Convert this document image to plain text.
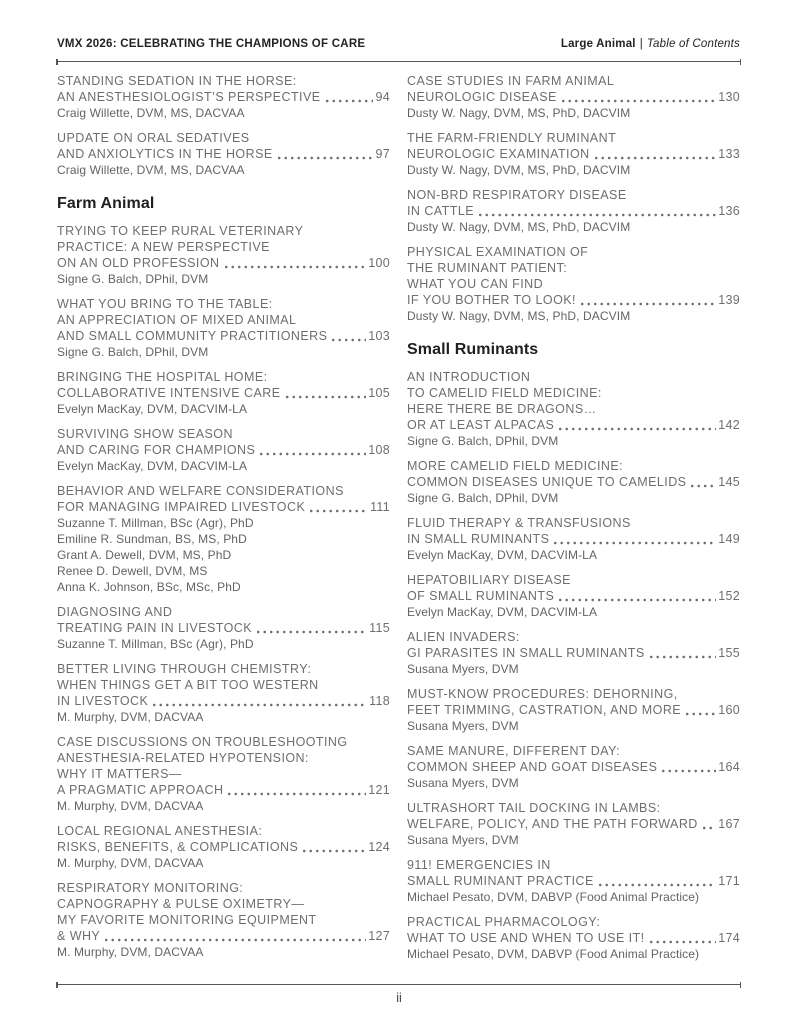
VMX 2026: CELEBRATING THE CHAMPIONS OF CARE	Large Animal | Table of Contents
STANDING SEDATION IN THE HORSE:
AN ANESTHESIOLOGIST’S PERSPECTIVE	94
Craig Willette, DVM, MS, DACVAA
UPDATE ON ORAL SEDATIVES
AND ANXIOLYTICS IN THE HORSE	97
Craig Willette, DVM, MS, DACVAA
Farm Animal
TRYING TO KEEP RURAL VETERINARY
PRACTICE: A NEW PERSPECTIVE
ON AN OLD PROFESSION	100
Signe G. Balch, DPhil, DVM
WHAT YOU BRING TO THE TABLE:
AN APPRECIATION OF MIXED ANIMAL
AND SMALL COMMUNITY PRACTITIONERS	103
Signe G. Balch, DPhil, DVM
BRINGING THE HOSPITAL HOME:
COLLABORATIVE INTENSIVE CARE	105
Evelyn MacKay, DVM, DACVIM-LA
SURVIVING SHOW SEASON
AND CARING FOR CHAMPIONS	108
Evelyn MacKay, DVM, DACVIM-LA
BEHAVIOR AND WELFARE CONSIDERATIONS
FOR MANAGING IMPAIRED LIVESTOCK	111
Suzanne T. Millman, BSc (Agr), PhD
Emiline R. Sundman, BS, MS, PhD
Grant A. Dewell, DVM, MS, PhD
Renee D. Dewell, DVM, MS
Anna K. Johnson, BSc, MSc, PhD
DIAGNOSING AND
TREATING PAIN IN LIVESTOCK	115
Suzanne T. Millman, BSc (Agr), PhD
BETTER LIVING THROUGH CHEMISTRY:
WHEN THINGS GET A BIT TOO WESTERN
IN LIVESTOCK	118
M. Murphy, DVM, DACVAA
CASE DISCUSSIONS ON TROUBLESHOOTING
ANESTHESIA-RELATED HYPOTENSION:
WHY IT MATTERS—
A PRAGMATIC APPROACH	121
M. Murphy, DVM, DACVAA
LOCAL REGIONAL ANESTHESIA:
RISKS, BENEFITS, & COMPLICATIONS	124
M. Murphy, DVM, DACVAA
RESPIRATORY MONITORING:
CAPNOGRAPHY & PULSE OXIMETRY—
MY FAVORITE MONITORING EQUIPMENT
& WHY	127
M. Murphy, DVM, DACVAA
CASE STUDIES IN FARM ANIMAL
NEUROLOGIC DISEASE	130
Dusty W. Nagy, DVM, MS, PhD, DACVIM
THE FARM-FRIENDLY RUMINANT
NEUROLOGIC EXAMINATION	133
Dusty W. Nagy, DVM, MS, PhD, DACVIM
NON-BRD RESPIRATORY DISEASE
IN CATTLE	136
Dusty W. Nagy, DVM, MS, PhD, DACVIM
PHYSICAL EXAMINATION OF
THE RUMINANT PATIENT:
WHAT YOU CAN FIND
IF YOU BOTHER TO LOOK!	139
Dusty W. Nagy, DVM, MS, PhD, DACVIM
Small Ruminants
AN INTRODUCTION
TO CAMELID FIELD MEDICINE:
HERE THERE BE DRAGONS…
OR AT LEAST ALPACAS	142
Signe G. Balch, DPhil, DVM
MORE CAMELID FIELD MEDICINE:
COMMON DISEASES UNIQUE TO CAMELIDS	145
Signe G. Balch, DPhil, DVM
FLUID THERAPY & TRANSFUSIONS
IN SMALL RUMINANTS	149
Evelyn MacKay, DVM, DACVIM-LA
HEPATOBILIARY DISEASE
OF SMALL RUMINANTS	152
Evelyn MacKay, DVM, DACVIM-LA
ALIEN INVADERS:
GI PARASITES IN SMALL RUMINANTS	155
Susana Myers, DVM
MUST-KNOW PROCEDURES: DEHORNING,
FEET TRIMMING, CASTRATION, AND MORE	160
Susana Myers, DVM
SAME MANURE, DIFFERENT DAY:
COMMON SHEEP AND GOAT DISEASES	164
Susana Myers, DVM
ULTRASHORT TAIL DOCKING IN LAMBS:
WELFARE, POLICY, AND THE PATH FORWARD 167
Susana Myers, DVM
911! EMERGENCIES IN
SMALL RUMINANT PRACTICE	171
Michael Pesato, DVM, DABVP (Food Animal Practice)
PRACTICAL PHARMACOLOGY:
WHAT TO USE AND WHEN TO USE IT!	174
Michael Pesato, DVM, DABVP (Food Animal Practice)
ii
